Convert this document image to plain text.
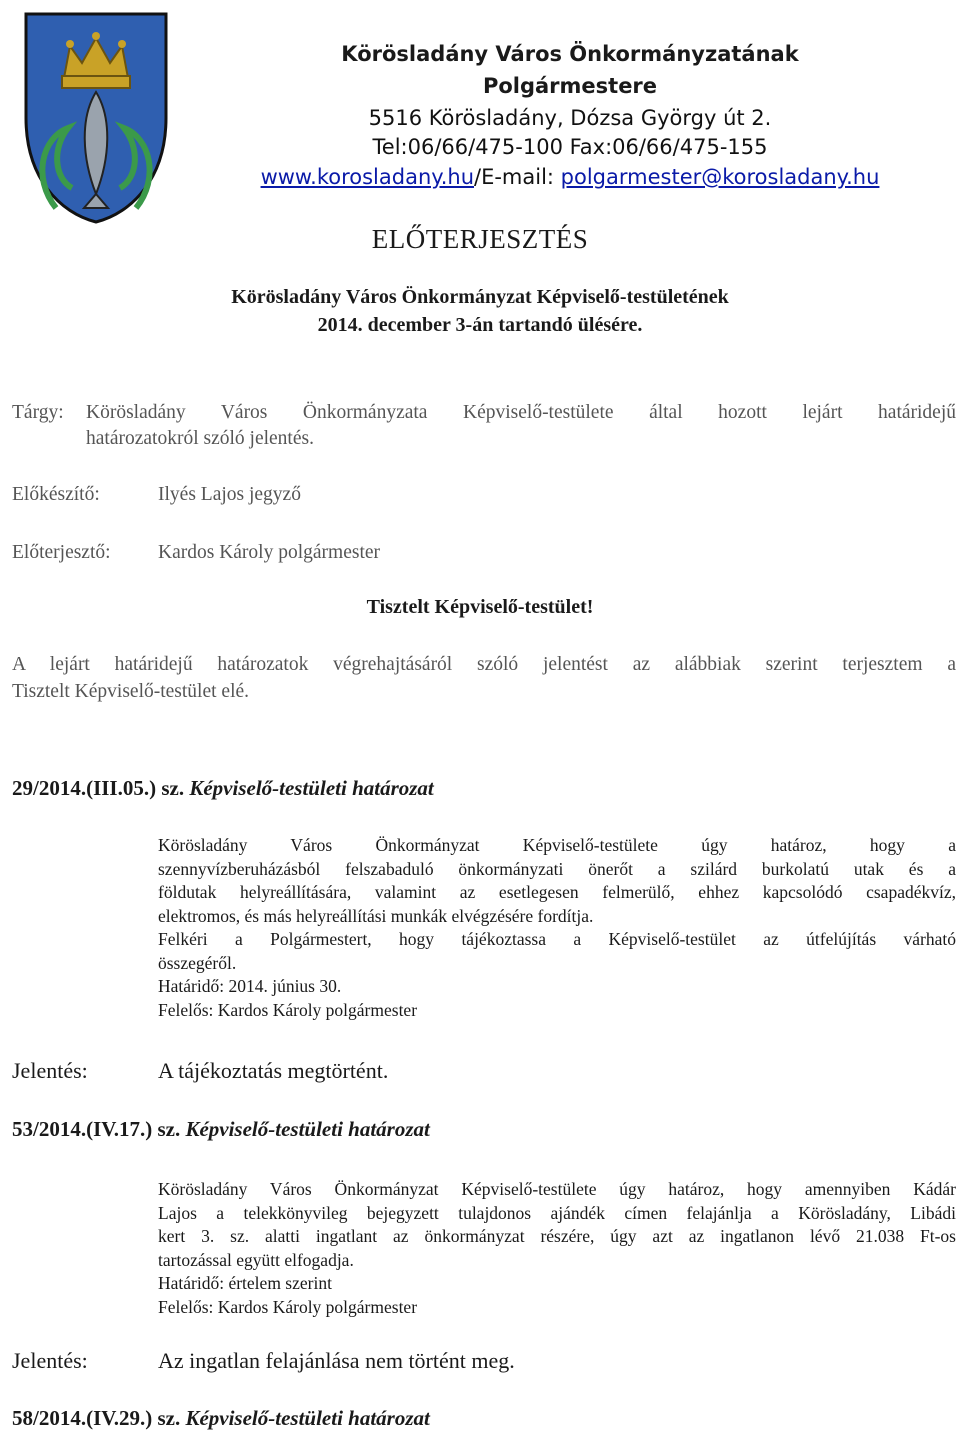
Körösladány Város Önkormányzatának
Polgármestere
5516 Körösladány, Dózsa György út 2.
Tel:06/66/475-100 Fax:06/66/475-155
www.korosladany.hu/E-mail: polgarmester@korosladany.hu
ELŐTERJESZTÉS
Körösladány Város Önkormányzat Képviselő-testületének
2014. december 3-án tartandó ülésére.
Tárgy: Körösladány Város Önkormányzata Képviselő-testülete által hozott lejárt határidejű
határozatokról szóló jelentés.
Előkészítő:	Ilyés Lajos jegyző
Előterjesztő: Kardos Károly polgármester
Tisztelt Képviselő-testület!
A lejárt határidejű határozatok végrehajtásáról szóló jelentést az alábbiak szerint terjesztem a
Tisztelt Képviselő-testület elé.
29/2014.(III.05.) sz. Képviselő-testületi határozat
Körösladány Város Önkormányzat Képviselő-testülete úgy határoz, hogy a
szennyvízberuházásból felszabaduló önkormányzati önerőt a szilárd burkolatú utak és a
földutak helyreállítására, valamint az esetlegesen felmerülő, ehhez kapcsolódó csapadékvíz,
elektromos, és más helyreállítási munkák elvégzésére fordítja.
Felkéri a Polgármestert, hogy tájékoztassa a Képviselő-testület az útfelújítás várható
összegéről.
Határidő: 2014. június 30.
Felelős: Kardos Károly polgármester
Jelentés:	A tájékoztatás megtörtént.
53/2014.(IV.17.) sz. Képviselő-testületi határozat
Körösladány Város Önkormányzat Képviselő-testülete úgy határoz, hogy amennyiben Kádár
Lajos a telekkönyvileg bejegyzett tulajdonos ajándék címen felajánlja a Körösladány, Libádi
kert 3. sz. alatti ingatlant az önkormányzat részére, úgy azt az ingatlanon lévő 21.038 Ft-os
tartozással együtt elfogadja.
Határidő: értelem szerint
Felelős: Kardos Károly polgármester
Jelentés:	Az ingatlan felajánlása nem történt meg.
58/2014.(IV.29.) sz. Képviselő-testületi határozat
